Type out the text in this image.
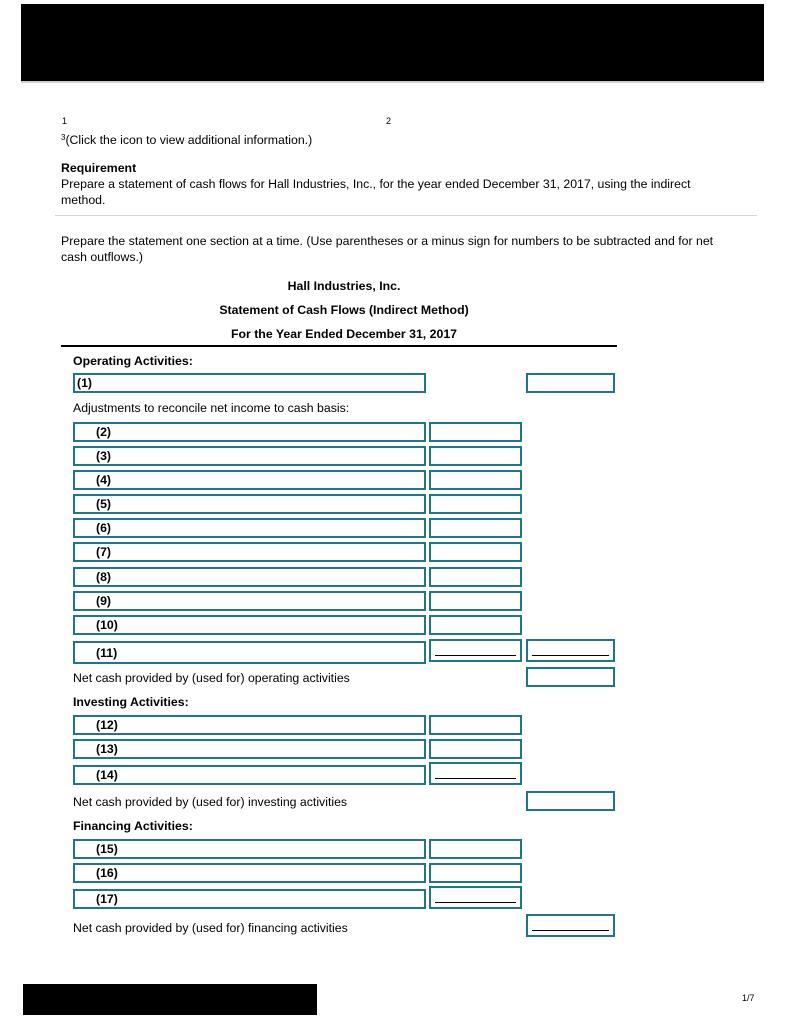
1	2
$^3$(Click the icon to view additional information.)
Requirement
Prepare a statement of cash flows for Hall Industries, Inc., for the year ended December 31, 2017, using the indirect
method.
Prepare the statement one section at a time. (Use parentheses or a minus sign for numbers to be subtracted and for net
cash outflows.)
Hall Industries, Inc.
Statement of Cash Flows (Indirect Method)
For the Year Ended December 31, 2017
Operating Activities:
(1)
Adjustments to reconcile net income to cash basis:
(2)
(3)
(4)
(5)
(6)
(7)
(8)
(9)
(10)
(11)
Net cash provided by (used for) operating activities
Investing Activities:
(12)
(13)
(14)
Net cash provided by (used for) investing activities
Financing Activities:
(15)
(16)
(17)
Net cash provided by (used for) financing activities
1/7
